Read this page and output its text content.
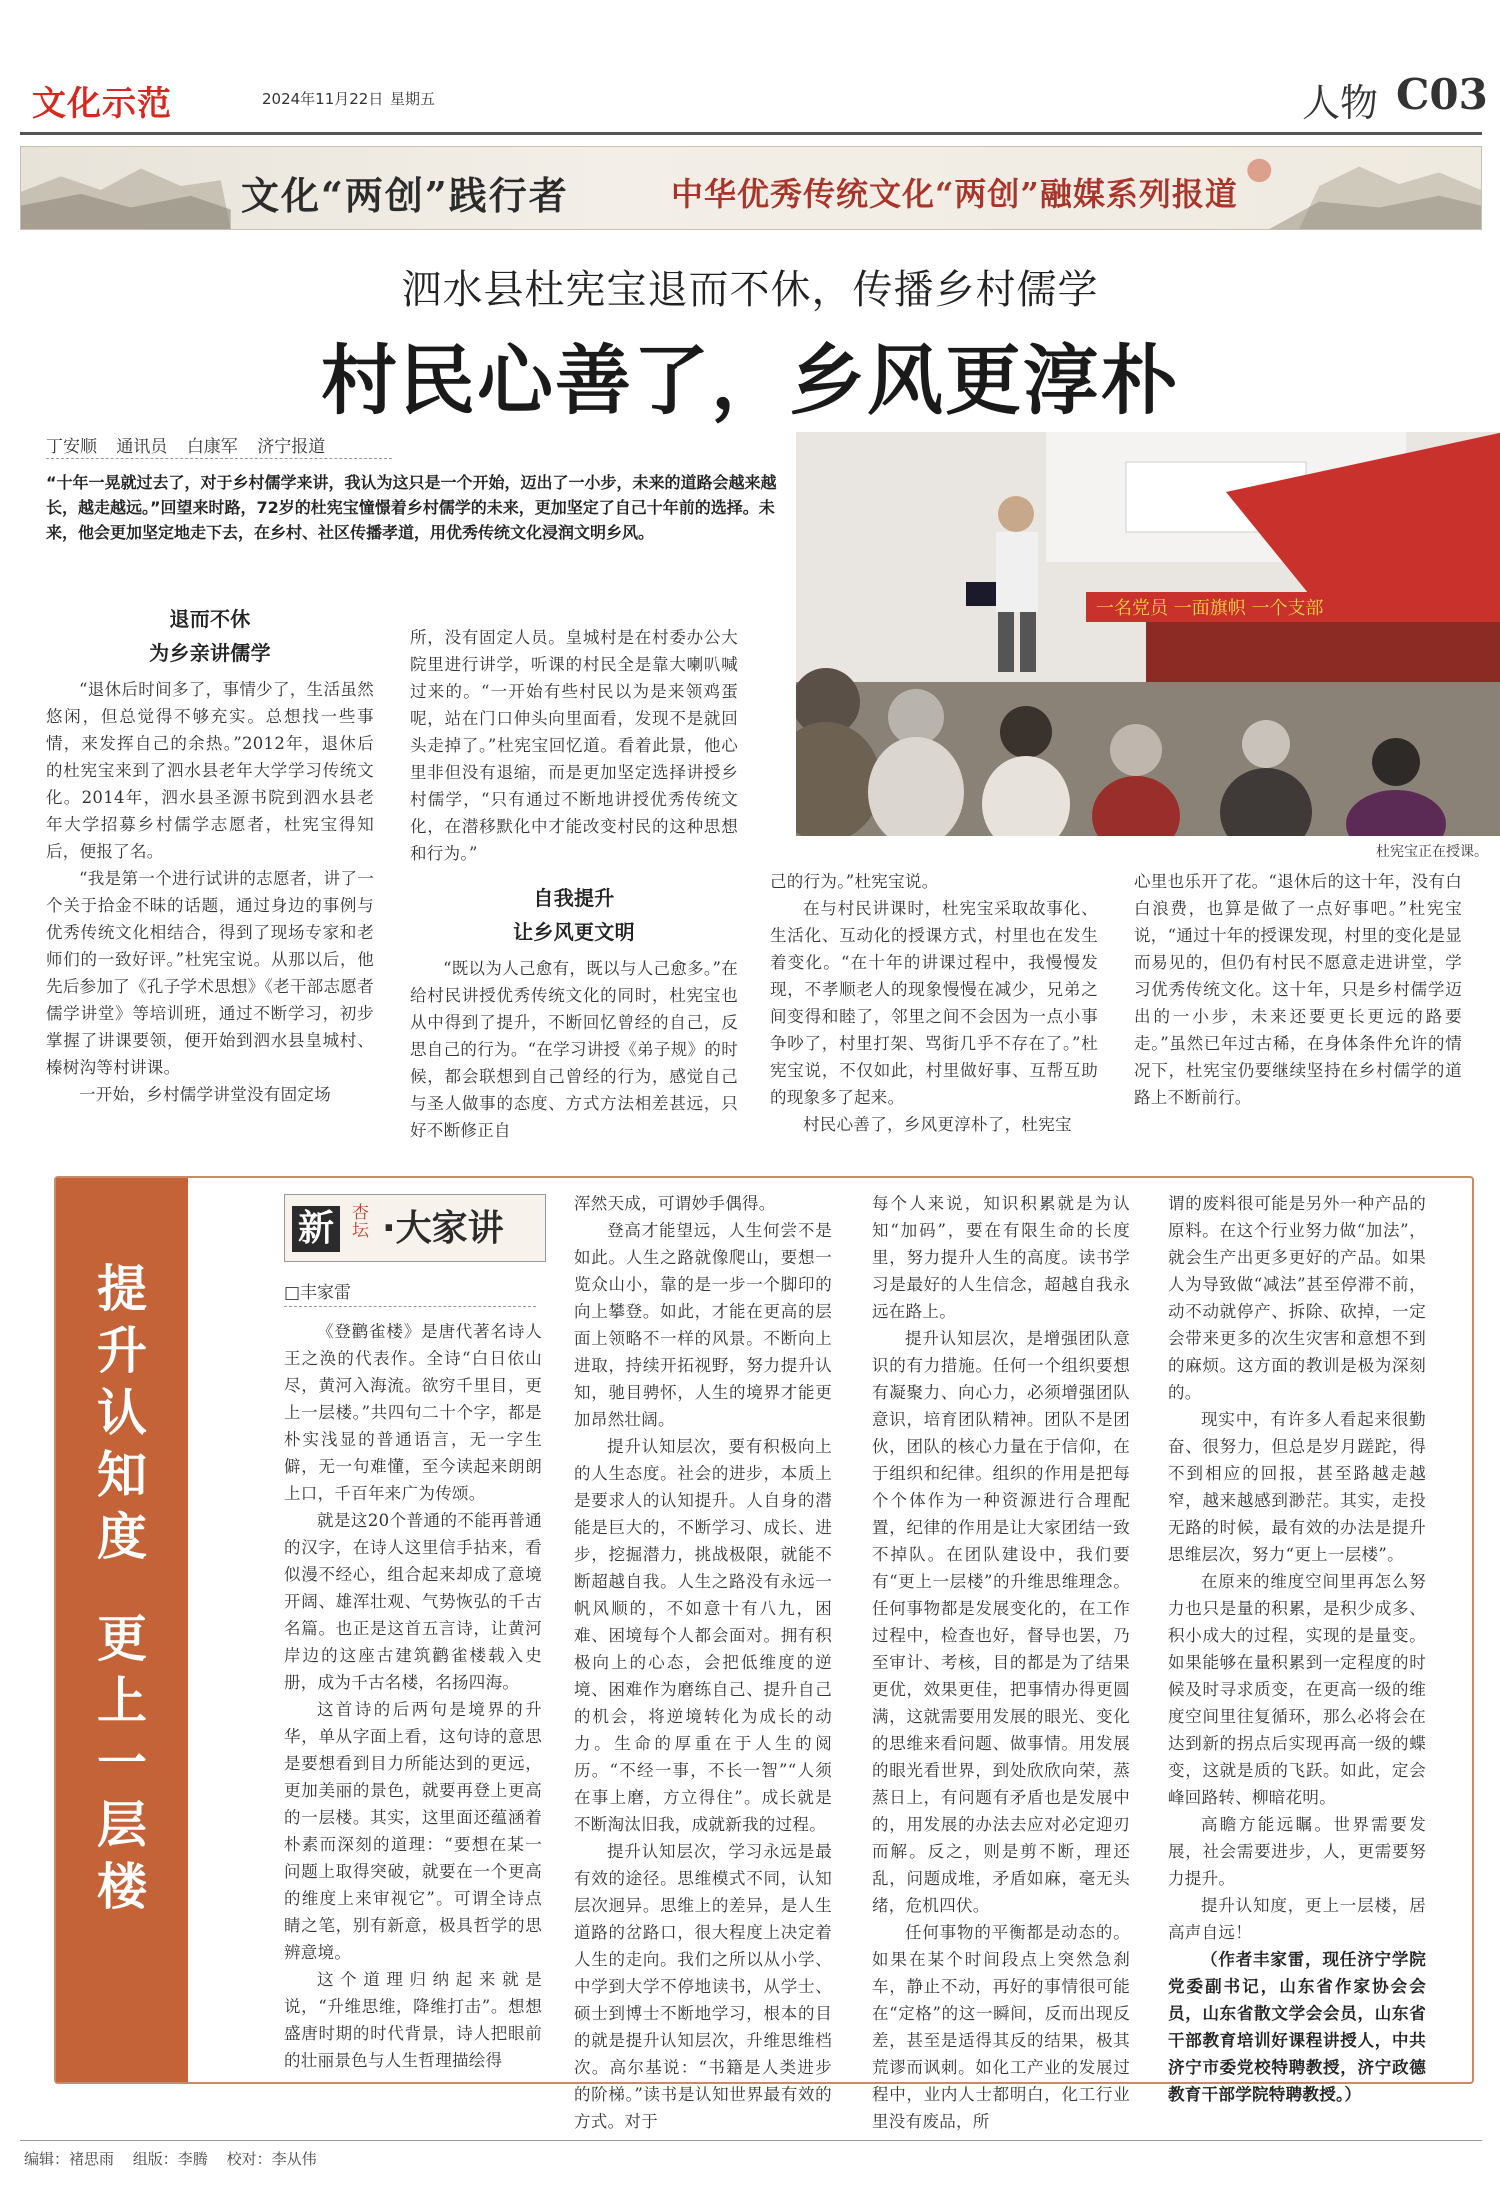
文化示范	2024年11月22日 星期五	人物 C03
文化“两创”践行者	中华优秀传统文化“两创”融媒系列报道
泗水县杜宪宝退而不休，传播乡村儒学
村民心善了，乡风更淳朴
丁安顺 通讯员 白康军 济宁报道
“十年一晃就过去了，对于乡村儒学来讲，我认为这只是一个开始，迈出了一小步，未来的道路会越来越长，越走越远。”回望来时路，72岁的杜宪宝憧憬着乡村儒学的未来，更加坚定了自己十年前的选择。未来，他会更加坚定地走下去，在乡村、社区传播孝道，用优秀传统文化浸润文明乡风。
一名党员 一面旗帜 一个支部
杜宪宝正在授课。
退而不休
为乡亲讲儒学

“退休后时间多了，事情少了，生活虽然悠闲，但总觉得不够充实。总想找一些事情，来发挥自己的余热。”2012年，退休后的杜宪宝来到了泗水县老年大学学习传统文化。2014年，泗水县圣源书院到泗水县老年大学招募乡村儒学志愿者，杜宪宝得知后，便报了名。

“我是第一个进行试讲的志愿者，讲了一个关于拾金不昧的话题，通过身边的事例与优秀传统文化相结合，得到了现场专家和老师们的一致好评。”杜宪宝说。从那以后，他先后参加了《孔子学术思想》《老干部志愿者儒学讲堂》等培训班，通过不断学习，初步掌握了讲课要领，便开始到泗水县皇城村、榛树沟等村讲课。

一开始，乡村儒学讲堂没有固定场

所，没有固定人员。皇城村是在村委办公大院里进行讲学，听课的村民全是靠大喇叭喊过来的。“一开始有些村民以为是来领鸡蛋呢，站在门口伸头向里面看，发现不是就回头走掉了。”杜宪宝回忆道。看着此景，他心里非但没有退缩，而是更加坚定选择讲授乡村儒学，“只有通过不断地讲授优秀传统文化，在潜移默化中才能改变村民的这种思想和行为。”

自我提升
让乡风更文明

“既以为人己愈有，既以与人己愈多。”在给村民讲授优秀传统文化的同时，杜宪宝也从中得到了提升，不断回忆曾经的自己，反思自己的行为。“在学习讲授《弟子规》的时候，都会联想到自己曾经的行为，感觉自己与圣人做事的态度、方式方法相差甚远，只好不断修正自

己的行为。”杜宪宝说。

在与村民讲课时，杜宪宝采取故事化、生活化、互动化的授课方式，村里也在发生着变化。“在十年的讲课过程中，我慢慢发现，不孝顺老人的现象慢慢在减少，兄弟之间变得和睦了，邻里之间不会因为一点小事争吵了，村里打架、骂街几乎不存在了。”杜宪宝说，不仅如此，村里做好事、互帮互助的现象多了起来。

村民心善了，乡风更淳朴了，杜宪宝

心里也乐开了花。“退休后的这十年，没有白白浪费，也算是做了一点好事吧。”杜宪宝说，“通过十年的授课发现，村里的变化是显而易见的，但仍有村民不愿意走进讲堂，学习优秀传统文化。这十年，只是乡村儒学迈出的一小步，未来还要更长更远的路要走。”虽然已年过古稀，在身体条件允许的情况下，杜宪宝仍要继续坚持在乡村儒学的道路上不断前行。

提
升
认
知
度
更
上
一
层
楼
新	杏坛 ·大家讲
□丰家雷

《登鹳雀楼》是唐代著名诗人王之涣的代表作。全诗“白日依山尽，黄河入海流。欲穷千里目，更上一层楼。”共四句二十个字，都是朴实浅显的普通语言，无一字生僻，无一句难懂，至今读起来朗朗上口，千百年来广为传颂。

就是这20个普通的不能再普通的汉字，在诗人这里信手拈来，看似漫不经心，组合起来却成了意境开阔、雄浑壮观、气势恢弘的千古名篇。也正是这首五言诗，让黄河岸边的这座古建筑鹳雀楼载入史册，成为千古名楼，名扬四海。

这首诗的后两句是境界的升华，单从字面上看，这句诗的意思是要想看到目力所能达到的更远，更加美丽的景色，就要再登上更高的一层楼。其实，这里面还蕴涵着朴素而深刻的道理：“要想在某一问题上取得突破，就要在一个更高的维度上来审视它”。可谓全诗点睛之笔，别有新意，极具哲学的思辨意境。

这个道理归纳起来就是说，“升维思维，降维打击”。想想盛唐时期的时代背景，诗人把眼前的壮丽景色与人生哲理描绘得

浑然天成，可谓妙手偶得。

登高才能望远，人生何尝不是如此。人生之路就像爬山，要想一览众山小，靠的是一步一个脚印的向上攀登。如此，才能在更高的层面上领略不一样的风景。不断向上进取，持续开拓视野，努力提升认知，驰目骋怀，人生的境界才能更加昂然壮阔。

提升认知层次，要有积极向上的人生态度。社会的进步，本质上是要求人的认知提升。人自身的潜能是巨大的，不断学习、成长、进步，挖掘潜力，挑战极限，就能不断超越自我。人生之路没有永远一帆风顺的，不如意十有八九，困难、困境每个人都会面对。拥有积极向上的心态，会把低维度的逆境、困难作为磨练自己、提升自己的机会，将逆境转化为成长的动力。生命的厚重在于人生的阅历。“不经一事，不长一智”“人须在事上磨，方立得住”。成长就是不断淘汰旧我，成就新我的过程。

提升认知层次，学习永远是最有效的途径。思维模式不同，认知层次迥异。思维上的差异，是人生道路的岔路口，很大程度上决定着人生的走向。我们之所以从小学、中学到大学不停地读书，从学士、硕士到博士不断地学习，根本的目的就是提升认知层次，升维思维档次。高尔基说：“书籍是人类进步的阶梯。”读书是认知世界最有效的方式。对于

每个人来说，知识积累就是为认知“加码”，要在有限生命的长度里，努力提升人生的高度。读书学习是最好的人生信念，超越自我永远在路上。

提升认知层次，是增强团队意识的有力措施。任何一个组织要想有凝聚力、向心力，必须增强团队意识，培育团队精神。团队不是团伙，团队的核心力量在于信仰，在于组织和纪律。组织的作用是把每个个体作为一种资源进行合理配置，纪律的作用是让大家团结一致不掉队。在团队建设中，我们要有“更上一层楼”的升维思维理念。任何事物都是发展变化的，在工作过程中，检查也好，督导也罢，乃至审计、考核，目的都是为了结果更优，效果更佳，把事情办得更圆满，这就需要用发展的眼光、变化的思维来看问题、做事情。用发展的眼光看世界，到处欣欣向荣，蒸蒸日上，有问题有矛盾也是发展中的，用发展的办法去应对必定迎刃而解。反之，则是剪不断，理还乱，问题成堆，矛盾如麻，毫无头绪，危机四伏。

任何事物的平衡都是动态的。如果在某个时间段点上突然急刹车，静止不动，再好的事情很可能在“定格”的这一瞬间，反而出现反差，甚至是适得其反的结果，极其荒谬而讽刺。如化工产业的发展过程中，业内人士都明白，化工行业里没有废品，所

谓的废料很可能是另外一种产品的原料。在这个行业努力做“加法”，就会生产出更多更好的产品。如果人为导致做“减法”甚至停滞不前，动不动就停产、拆除、砍掉，一定会带来更多的次生灾害和意想不到的麻烦。这方面的教训是极为深刻的。

现实中，有许多人看起来很勤奋、很努力，但总是岁月蹉跎，得不到相应的回报，甚至路越走越窄，越来越感到渺茫。其实，走投无路的时候，最有效的办法是提升思维层次，努力“更上一层楼”。

在原来的维度空间里再怎么努力也只是量的积累，是积少成多、积小成大的过程，实现的是量变。如果能够在量积累到一定程度的时候及时寻求质变，在更高一级的维度空间里往复循环，那么必将会在达到新的拐点后实现再高一级的蝶变，这就是质的飞跃。如此，定会峰回路转、柳暗花明。

高瞻方能远瞩。世界需要发展，社会需要进步，人，更需要努力提升。

提升认知度，更上一层楼，居高声自远！

（作者丰家雷，现任济宁学院党委副书记，山东省作家协会会员，山东省散文学会会员，山东省干部教育培训好课程讲授人，中共济宁市委党校特聘教授，济宁政德教育干部学院特聘教授。）

编辑：褚思雨 组版：李腾 校对：李从伟
